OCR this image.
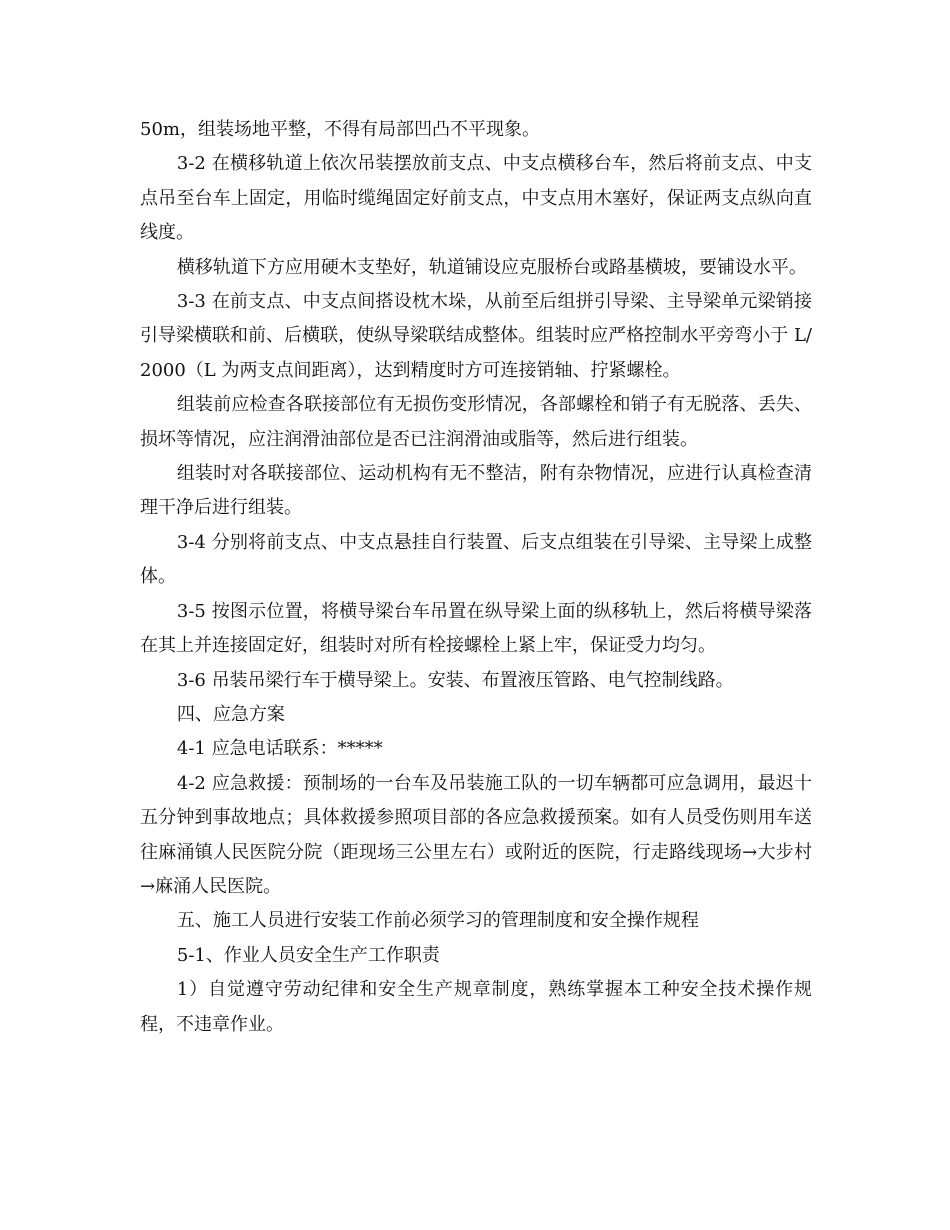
50m，组装场地平整，不得有局部凹凸不平现象。

3-2 在横移轨道上依次吊装摆放前支点、中支点横移台车，然后将前支点、中支点吊至台车上固定，用临时缆绳固定好前支点，中支点用木塞好，保证两支点纵向直线度。

横移轨道下方应用硬木支垫好，轨道铺设应克服桥台或路基横坡，要铺设水平。

3-3 在前支点、中支点间搭设枕木垛，从前至后组拼引导梁、主导梁单元梁销接引导梁横联和前、后横联，使纵导梁联结成整体。组装时应严格控制水平旁弯小于 L/2000（L 为两支点间距离），达到精度时方可连接销轴、拧紧螺栓。

组装前应检查各联接部位有无损伤变形情况，各部螺栓和销子有无脱落、丢失、损坏等情况，应注润滑油部位是否已注润滑油或脂等，然后进行组装。

组装时对各联接部位、运动机构有无不整洁，附有杂物情况，应进行认真检查清理干净后进行组装。

3-4 分别将前支点、中支点悬挂自行装置、后支点组装在引导梁、主导梁上成整体。

3-5 按图示位置，将横导梁台车吊置在纵导梁上面的纵移轨上，然后将横导梁落在其上并连接固定好，组装时对所有栓接螺栓上紧上牢，保证受力均匀。

3-6 吊装吊梁行车于横导梁上。安装、布置液压管路、电气控制线路。

四、应急方案

4-1 应急电话联系：*****

4-2 应急救援：预制场的一台车及吊装施工队的一切车辆都可应急调用，最迟十五分钟到事故地点；具体救援参照项目部的各应急救援预案。如有人员受伤则用车送往麻涌镇人民医院分院（距现场三公里左右）或附近的医院，行走路线现场→大步村→麻涌人民医院。

五、施工人员进行安装工作前必须学习的管理制度和安全操作规程

5-1、作业人员安全生产工作职责

1）自觉遵守劳动纪律和安全生产规章制度，熟练掌握本工种安全技术操作规程，不违章作业。
